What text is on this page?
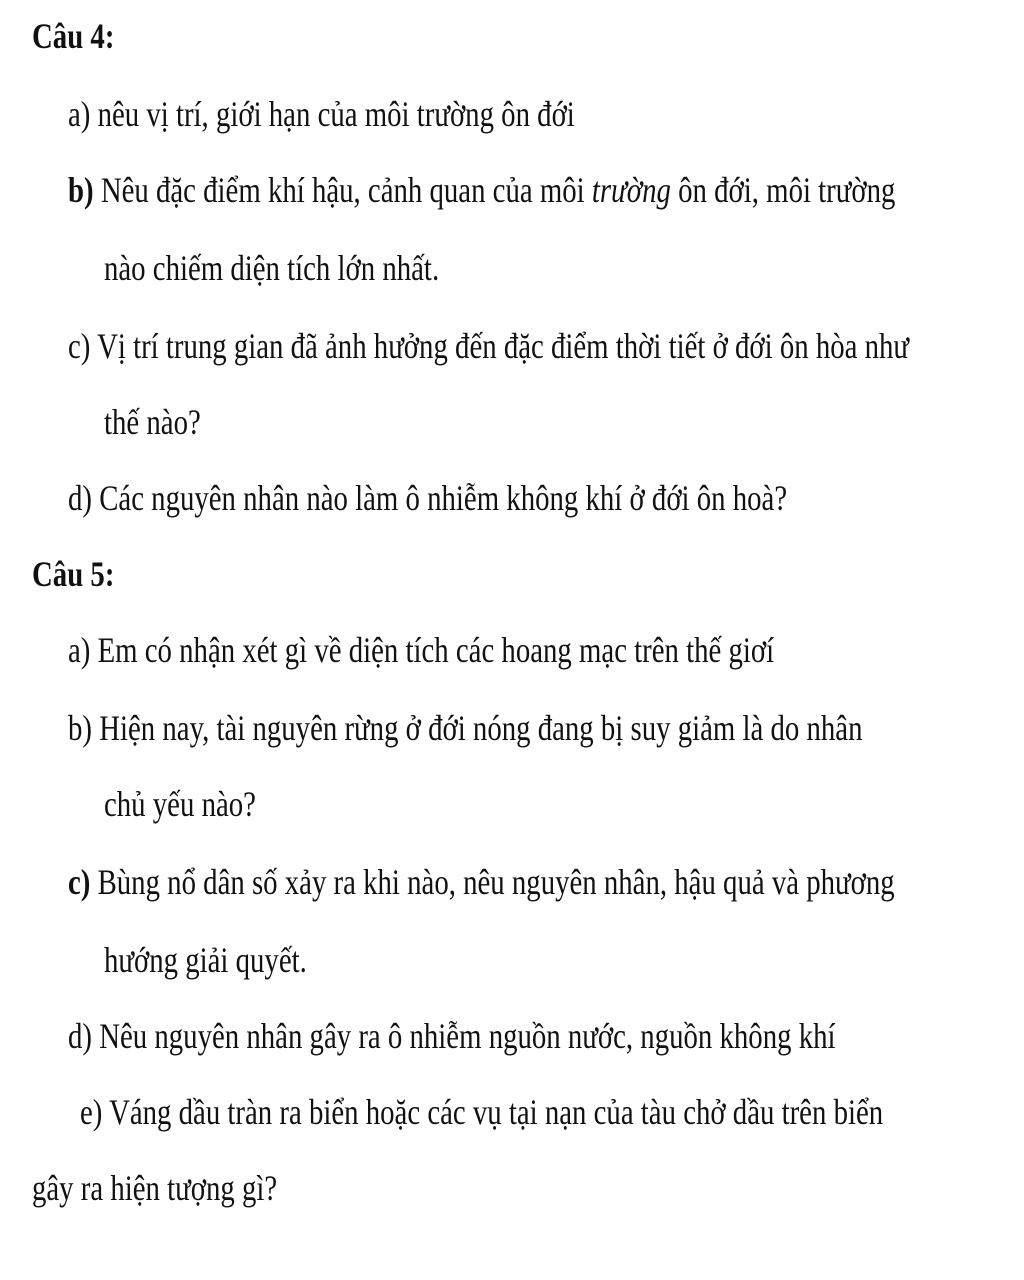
Câu 4:
a) nêu vị trí, giới hạn của môi trường ôn đới
b) Nêu đặc điểm khí hậu, cảnh quan của môi trường ôn đới, môi trường
nào chiếm diện tích lớn nhất.
c) Vị trí trung gian đã ảnh hưởng đến đặc điểm thời tiết ở đới ôn hòa như
thế nào?
d) Các nguyên nhân nào làm ô nhiễm không khí ở đới ôn hoà?
Câu 5:
a) Em có nhận xét gì về diện tích các hoang mạc trên thế giơí
b) Hiện nay, tài nguyên rừng ở đới nóng đang bị suy giảm là do nhân
chủ yếu nào?
c) Bùng nổ dân số xảy ra khi nào, nêu nguyên nhân, hậu quả và phương
hướng giải quyết.
d) Nêu nguyên nhân gây ra ô nhiễm nguồn nước, nguồn không khí
e) Váng dầu tràn ra biển hoặc các vụ tại nạn của tàu chở dầu trên biển
gây ra hiện tượng gì?
